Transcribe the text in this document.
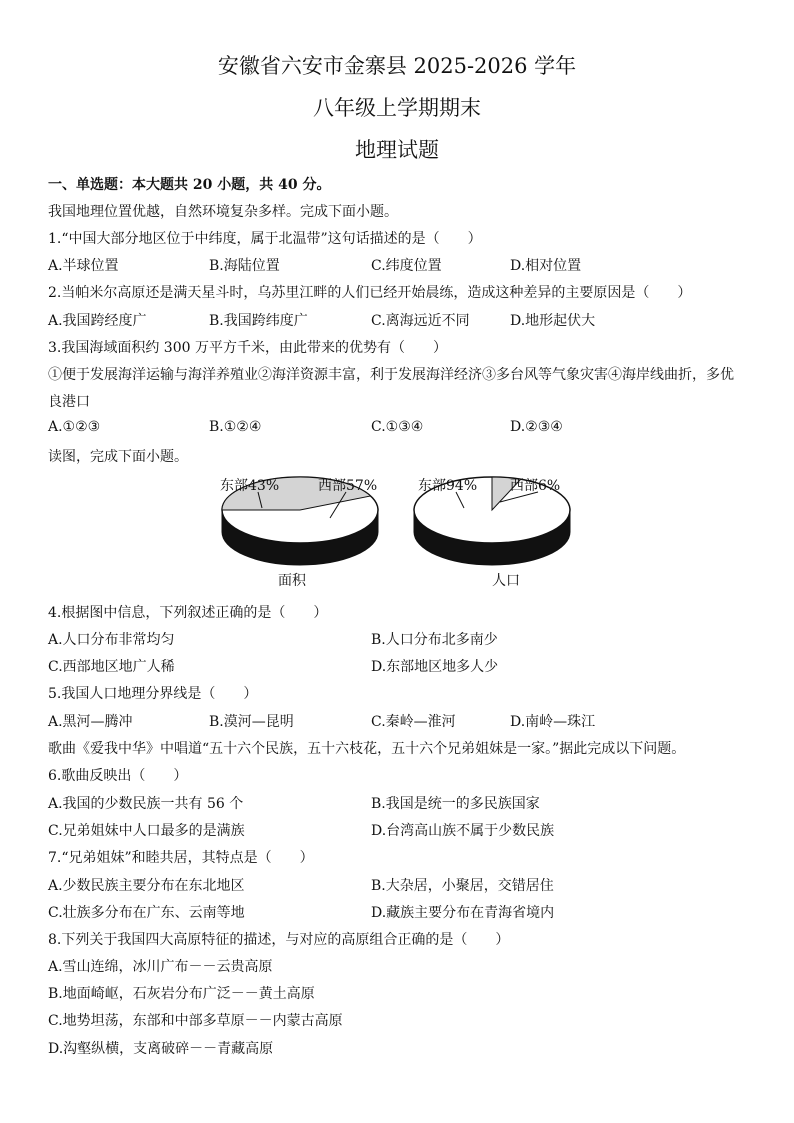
安徽省六安市金寨县 2025-2026 学年
八年级上学期期末
地理试题
一、单选题：本大题共 20 小题，共 40 分。
我国地理位置优越，自然环境复杂多样。完成下面小题。
1.“中国大部分地区位于中纬度，属于北温带”这句话描述的是（　　）
A.半球位置	B.海陆位置	C.纬度位置	D.相对位置
2.当帕米尔高原还是满天星斗时，乌苏里江畔的人们已经开始晨练，造成这种差异的主要原因是（　　）
A.我国跨经度广	B.我国跨纬度广	C.离海远近不同	D.地形起伏大
3.我国海域面积约 300 万平方千米，由此带来的优势有（　　）
①便于发展海洋运输与海洋养殖业②海洋资源丰富，利于发展海洋经济③多台风等气象灾害④海岸线曲折，多优
良港口
A.①②③	B.①②④	C.①③④	D.②③④
读图，完成下面小题。
东部43%	西部57%
面积
东部94% 西部6%
人口
4.根据图中信息，下列叙述正确的是（　　）
A.人口分布非常均匀	B.人口分布北多南少
C.西部地区地广人稀	D.东部地区地多人少
5.我国人口地理分界线是（　　）
A.黑河—腾冲	B.漠河—昆明	C.秦岭—淮河	D.南岭—珠江
歌曲《爱我中华》中唱道“五十六个民族，五十六枝花，五十六个兄弟姐妹是一家。”据此完成以下问题。
6.歌曲反映出（　　）
A.我国的少数民族一共有 56 个	B.我国是统一的多民族国家
C.兄弟姐妹中人口最多的是满族	D.台湾高山族不属于少数民族
7.“兄弟姐妹”和睦共居，其特点是（　　）
A.少数民族主要分布在东北地区	B.大杂居，小聚居，交错居住
C.壮族多分布在广东、云南等地	D.藏族主要分布在青海省境内
8.下列关于我国四大高原特征的描述，与对应的高原组合正确的是（　　）
A.雪山连绵，冰川广布－－云贵高原
B.地面崎岖，石灰岩分布广泛－－黄土高原
C.地势坦荡，东部和中部多草原－－内蒙古高原
D.沟壑纵横，支离破碎－－青藏高原
